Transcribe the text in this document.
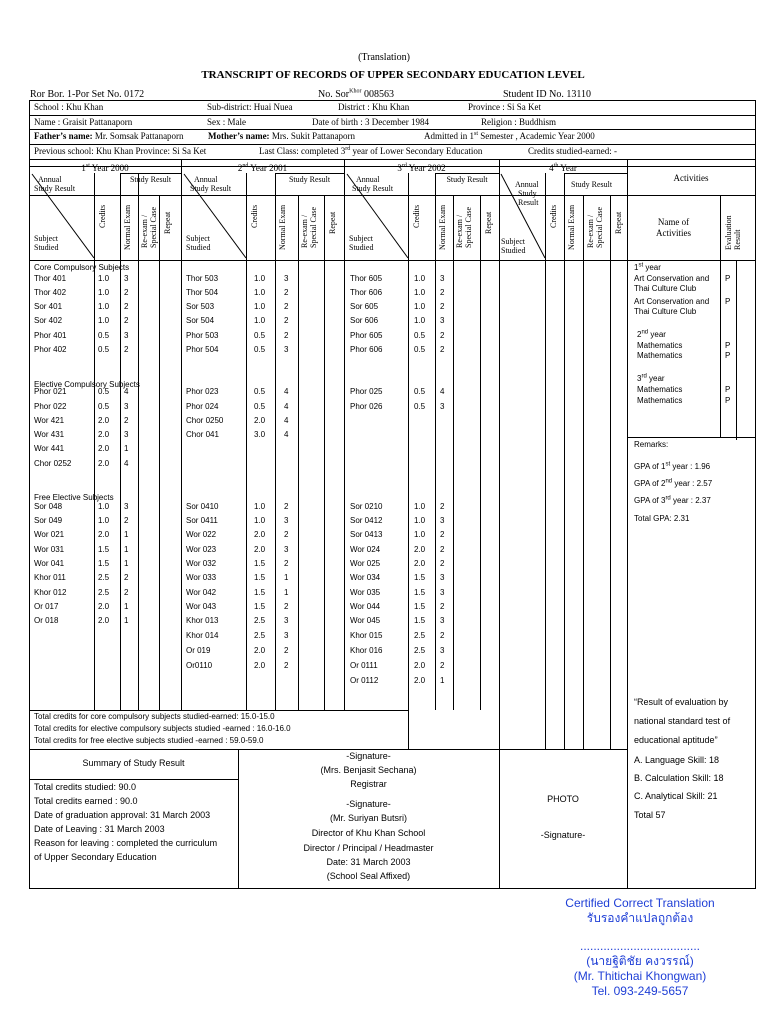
(Translation)
TRANSCRIPT OF RECORDS OF UPPER SECONDARY EDUCATION LEVEL
Ror Bor. 1-Por Set No. 0172	No. Sor$^{Khor}$ 008563	Student ID No. 13110
School : Khu Khan	Sub-district: Huai Nuea	District : Khu Khan	Province : Si Sa Ket
Name : Graisit Pattanaporn	Sex : Male	Date of birth : 3 December 1984	Religion : Buddhism
Father’s name: Mr. Somsak Pattanaporn	Mother’s name: Mrs. Sukit Pattanaporn	Admitted in 1st Semester , Academic Year 2000
Previous school: Khu Khan Province: Si Sa Ket	Last Class: completed 3rd year of Lower Secondary Education	Credits studied-earned: -
1st Year 2000	2nd Year 2001	3rd Year 2002	4th Year
Activities
Annual
Study Result
Study Result
Subject
Studied
Credits Normal Exam Re-exam /
Special Case Repeat
Annual
Study Result
Study Result
Subject
Studied
Credits Normal Exam Re-exam /
Special Case Repeat
Annual
Study Result
Study Result
Subject
Studied
Credits Normal Exam Re-exam /
Special Case Repeat	Credits Normal Exam Re-exam /
Special Case Repeat	Evaluation
Result
Annual
Study
Result
Study Result
Subject
Studied
Name of
Activities
Core Compulsory Subjects
Elective Compulsory Subjects
Free Elective Subjects
Thor 401	1.0 3
Thor 402	1.0 2
Sor 401	1.0 2
Sor 402	1.0 2
Phor 401	0.5 3
Phor 402	0.5 2
Phor 021	0.5 4
Phor 022	0.5 3
Wor 421	2.0 2
Wor 431	2.0 3
Wor 441	2.0 1
Chor 0252	2.0 4
Sor 048	1.0 3
Sor 049	1.0 2
Wor 021	2.0 1
Wor 031	1.5 1
Wor 041	1.5 1
Khor 011	2.5 2
Khor 012	2.5 2
Or 017	2.0 1
Or 018	2.0 1
Thor 503	1.0 3
Thor 504	1.0 2
Sor 503	1.0 2
Sor 504	1.0 2
Phor 503	0.5 2
Phor 504	0.5 3
Phor 023	0.5 4
Phor 024	0.5 4
Chor 0250	2.0 4
Chor 041	3.0 4
Sor 0410	1.0 2
Sor 0411	1.0 3
Wor 022	2.0 2
Wor 023	2.0 3
Wor 032	1.5 2
Wor 033	1.5 1
Wor 042	1.5 1
Wor 043	1.5 2
Khor 013	2.5 3
Khor 014	2.5 3
Or 019	2.0 2
Or0110	2.0 2
Thor 605	1.0 3
Thor 606	1.0 2
Sor 605	1.0 2
Sor 606	1.0 3
Phor 605	0.5 2
Phor 606	0.5 2
Phor 025	0.5 4
Phor 026	0.5 3
Sor 0210	1.0 2
Sor 0412	1.0 3
Sor 0413	1.0 2
Wor 024	2.0 2
Wor 025	2.0 2
Wor 034	1.5 3
Wor 035	1.5 3
Wor 044	1.5 2
Wor 045	1.5 3
Khor 015	2.5 2
Khor 016	2.5 3
Or 0111	2.0 2
Or 0112	2.0 1
1st year
Art Conservation and
Thai Culture Club
P
Art Conservation and
Thai Culture Club
P
2nd year
Mathematics	P
Mathematics	P
3rd year
Mathematics	P
Mathematics	P
Remarks:
GPA of 1st year : 1.96
GPA of 2nd year : 2.57
GPA of 3rd year : 2.37
Total GPA: 2.31
“Result of evaluation by
national standard test of
educational aptitude”
A. Language Skill: 18
B. Calculation Skill: 18
C. Analytical Skill: 21
Total 57
Total credits for core compulsory subjects studied-earned: 15.0-15.0
Total credits for elective compulsory subjects studied -earned : 16.0-16.0
Total credits for free elective subjects studied -earned : 59.0-59.0
Summary of Study Result
Total credits studied: 90.0
Total credits earned : 90.0
Date of graduation approval: 31 March 2003
Date of Leaving : 31 March 2003
Reason for leaving : completed the curriculum
of Upper Secondary Education
-Signature-
(Mrs. Benjasit Sechana)
Registrar
-Signature-
(Mr. Suriyan Butsri)
Director of Khu Khan School
Director / Principal / Headmaster
Date: 31 March 2003
(School Seal Affixed)
PHOTO
-Signature-
Certified Correct Translation
รับรองคำแปลถูกต้อง
....................................
(นายฐิติชัย คงวรรณ์)
(Mr. Thitichai Khongwan)
Tel. 093-249-5657
